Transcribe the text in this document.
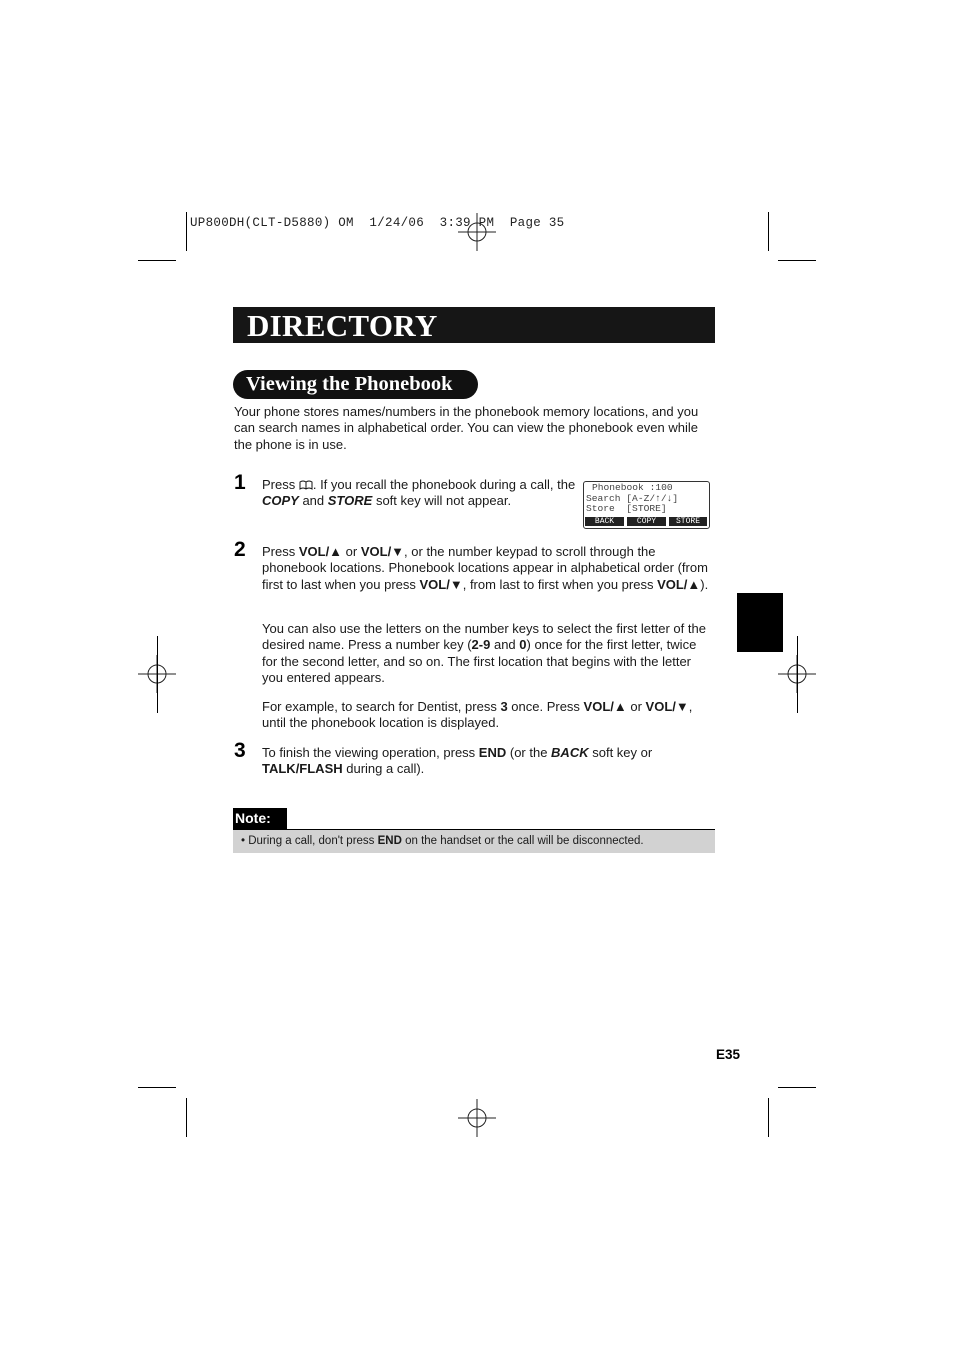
UP800DH(CLT-D5880) OM  1/24/06  3:39 PM  Page 35
DIRECTORY
Viewing the Phonebook
Your phone stores names/numbers in the phonebook memory locations, and you can search names in alphabetical order. You can view the phonebook even while the phone is in use.
1 Press . If you recall the phonebook during a call, the COPY and STORE soft key will not appear.
Phonebook :100
Search [A-Z/↑/↓]
Store  [STORE]
BACK	COPY	STORE
2 Press VOL/▲ or VOL/▼, or the number keypad to scroll through the phonebook locations. Phonebook locations appear in alphabetical order (from first to last when you press VOL/▼, from last to first when you press VOL/▲).
You can also use the letters on the number keys to select the first letter of the desired name. Press a number key (2-9 and 0) once for the first letter, twice for the second letter, and so on. The first location that begins with the letter you entered appears.
For example, to search for Dentist, press 3 once. Press VOL/▲ or VOL/▼, until the phonebook location is displayed.
3 To finish the viewing operation, press END (or the BACK soft key or TALK/FLASH during a call).
Note:
• During a call, don't press END on the handset or the call will be disconnected.
E35
